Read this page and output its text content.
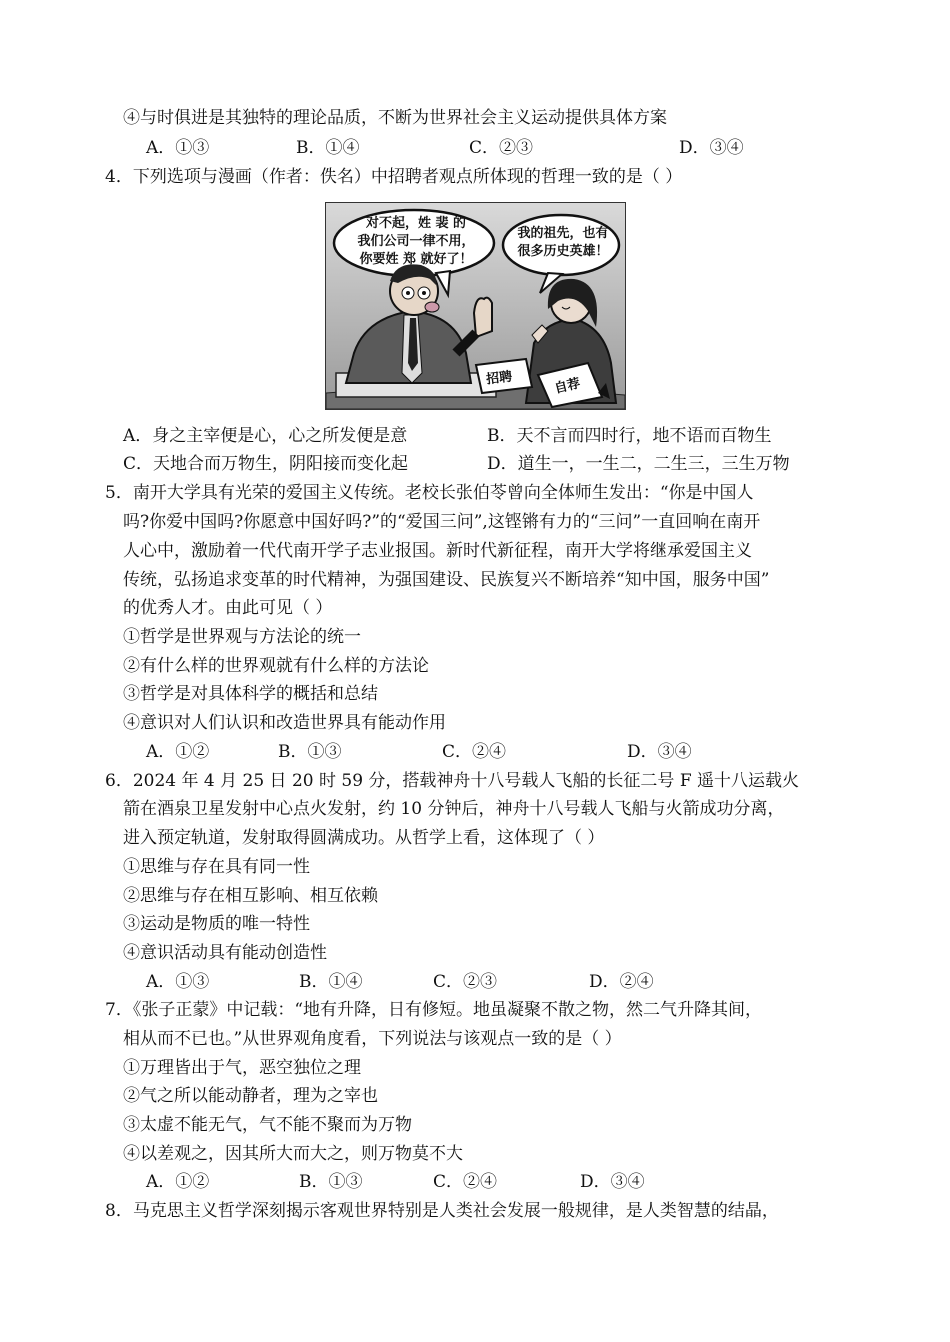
④与时俱进是其独特的理论品质，不断为世界社会主义运动提供具体方案
A．①③	B．①④	C．②③	D．③④
4．下列选项与漫画（作者：佚名）中招聘者观点所体现的哲理一致的是（ ）
对不起，姓 裴 的
我们公司一律不用，
你要姓 郑 就好了！
我的祖先，也有
很多历史英雄！
招聘	自荐
A．身之主宰便是心，心之所发便是意	B．天不言而四时行，地不语而百物生
C．天地合而万物生，阴阳接而变化起	D．道生一，一生二，二生三，三生万物
5．南开大学具有光荣的爱国主义传统。老校长张伯苓曾向全体师生发出：“你是中国人
吗?你爱中国吗?你愿意中国好吗?”的“爱国三问”,这铿锵有力的“三问”一直回响在南开
人心中，激励着一代代南开学子志业报国。新时代新征程，南开大学将继承爱国主义
传统，弘扬追求变革的时代精神，为强国建设、民族复兴不断培养“知中国，服务中国”
的优秀人才。由此可见（ ）
①哲学是世界观与方法论的统一
②有什么样的世界观就有什么样的方法论
③哲学是对具体科学的概括和总结
④意识对人们认识和改造世界具有能动作用
A．①②	B．①③	C．②④	D．③④
6．2024 年 4 月 25 日 20 时 59 分，搭载神舟十八号载人飞船的长征二号 F 遥十八运载火
箭在酒泉卫星发射中心点火发射，约 10 分钟后，神舟十八号载人飞船与火箭成功分离，
进入预定轨道，发射取得圆满成功。从哲学上看，这体现了（ ）
①思维与存在具有同一性
②思维与存在相互影响、相互依赖
③运动是物质的唯一特性
④意识活动具有能动创造性
A．①③	B．①④	C．②③	D．②④
7．《张子正蒙》中记载：“地有升降，日有修短。地虽凝聚不散之物，然二气升降其间，
相从而不已也。”从世界观角度看，下列说法与该观点一致的是（ ）
①万理皆出于气，恶空独位之理
②气之所以能动静者，理为之宰也
③太虚不能无气，气不能不聚而为万物
④以差观之，因其所大而大之，则万物莫不大
A．①②	B．①③	C．②④	D．③④
8．马克思主义哲学深刻揭示客观世界特别是人类社会发展一般规律，是人类智慧的结晶，
